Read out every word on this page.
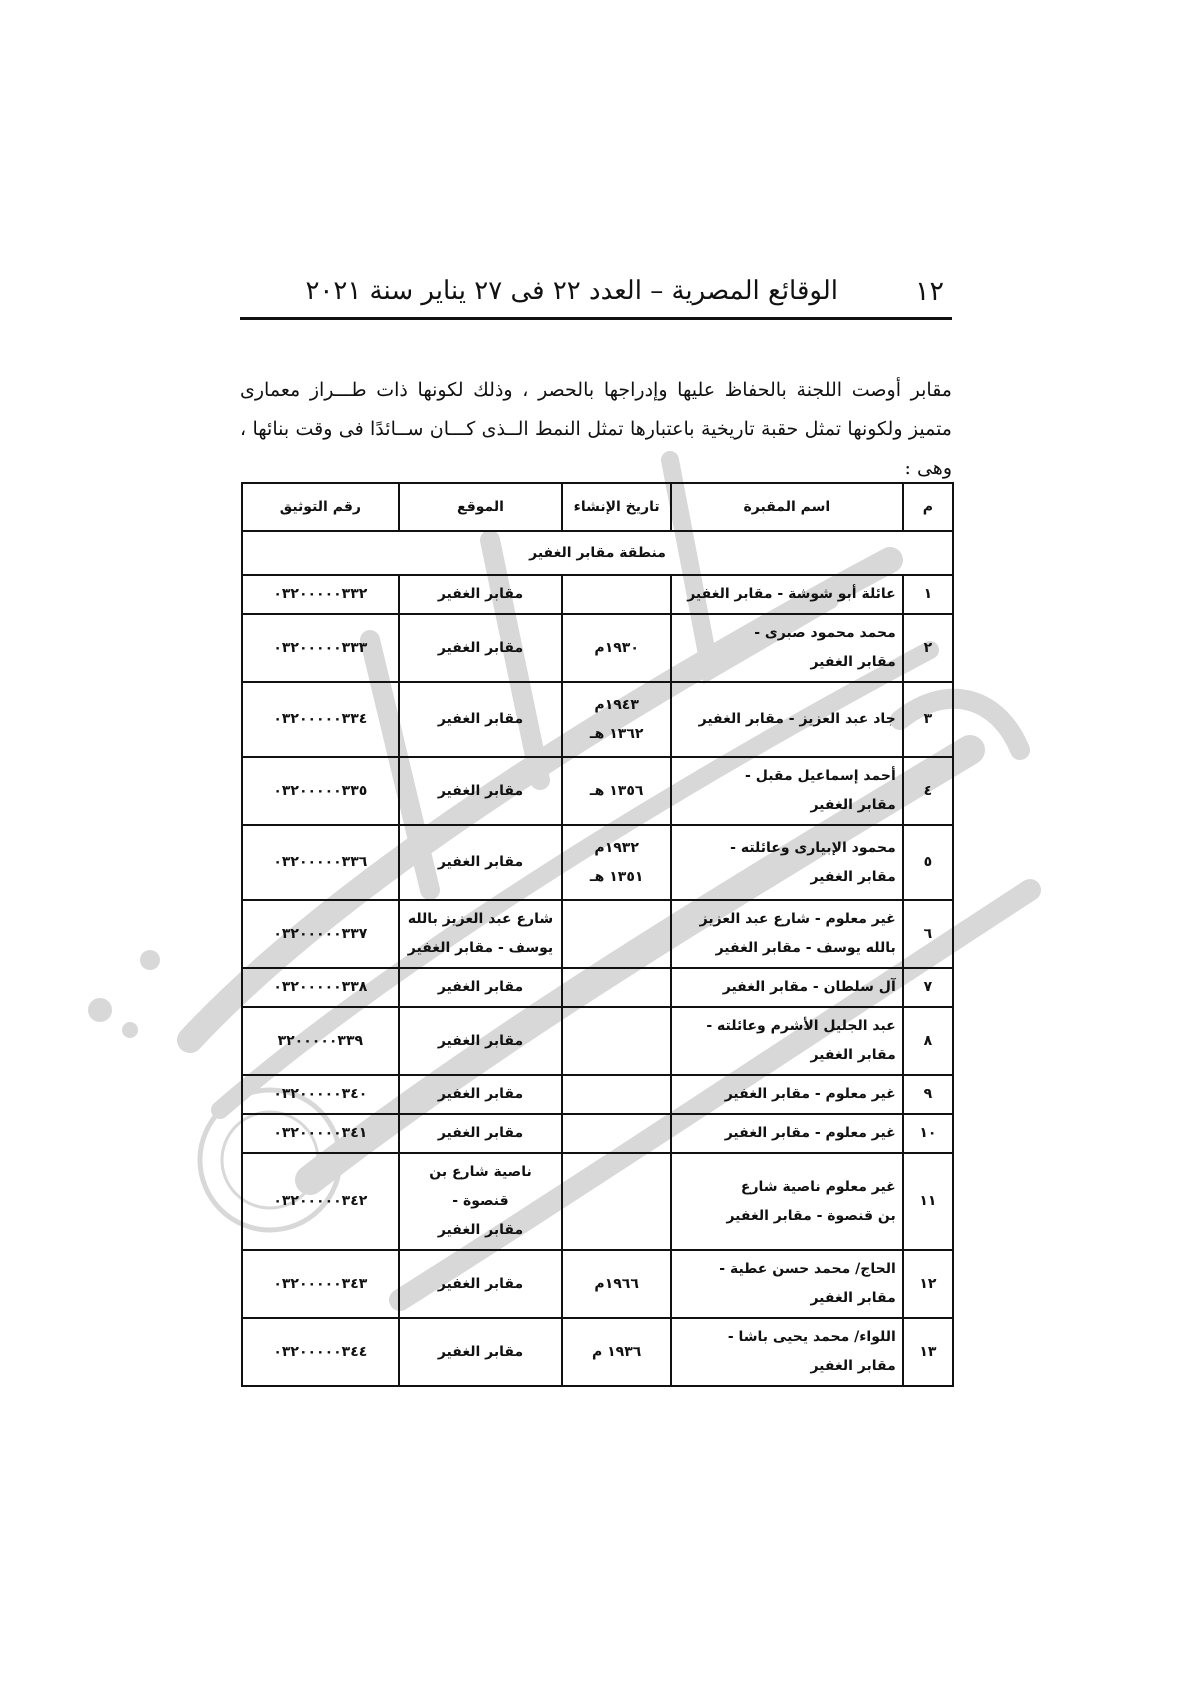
١٢
الوقائع المصرية – العدد ٢٢ فى ٢٧ يناير سنة ٢٠٢١

مقابر أوصت اللجنة بالحفاظ عليها وإدراجها بالحصر ، وذلك لكونها ذات طـــراز معمارى متميز ولكونها تمثل حقبة تاريخية باعتبارها تمثل النمط الــذى كـــان ســائدًا فى وقت بنائها ، وهى :

م	اسم المقبرة	تاريخ الإنشاء	الموقع	رقم التوثيق
منطقة مقابر الغفير				
١	عائلة أبو شوشة - مقابر الغفير		مقابر الغفير	٠٣٢٠٠٠٠٠٣٣٢
٢	محمد محمود صبرى -
مقابر الغفير	١٩٣٠م	مقابر الغفير	٠٣٢٠٠٠٠٠٣٣٣
٣	جاد عبد العزيز - مقابر الغفير	١٩٤٣م
١٣٦٢ هـ	مقابر الغفير	٠٣٢٠٠٠٠٠٣٣٤
٤	أحمد إسماعيل مقبل -
مقابر الغفير	١٣٥٦ هـ	مقابر الغفير	٠٣٢٠٠٠٠٠٣٣٥
٥	محمود الإبيارى وعائلته -
مقابر الغفير	١٩٣٢م
١٣٥١ هـ	مقابر الغفير	٠٣٢٠٠٠٠٠٣٣٦
٦	غير معلوم - شارع عبد العزيز
بالله يوسف - مقابر الغفير		شارع عبد العزيز بالله
يوسف - مقابر الغفير	٠٣٢٠٠٠٠٠٣٣٧
٧	آل سلطان - مقابر الغفير		مقابر الغفير	٠٣٢٠٠٠٠٠٣٣٨
٨	عبد الجليل الأشرم وعائلته -
مقابر الغفير		مقابر الغفير	٣٢٠٠٠٠٠٣٣٩
٩	غير معلوم - مقابر الغفير		مقابر الغفير	٠٣٢٠٠٠٠٠٣٤٠
١٠	غير معلوم - مقابر الغفير		مقابر الغفير	٠٣٢٠٠٠٠٠٣٤١
١١	غير معلوم ناصية شارع
بن قنصوة - مقابر الغفير		ناصية شارع بن قنصوة -
مقابر الغفير	٠٣٢٠٠٠٠٠٣٤٢
١٢	الحاج/ محمد حسن عطية -
مقابر الغفير	١٩٦٦م	مقابر الغفير	٠٣٢٠٠٠٠٠٣٤٣
١٣	اللواء/ محمد يحيى باشا -
مقابر الغفير	١٩٣٦ م	مقابر الغفير	٠٣٢٠٠٠٠٠٣٤٤
